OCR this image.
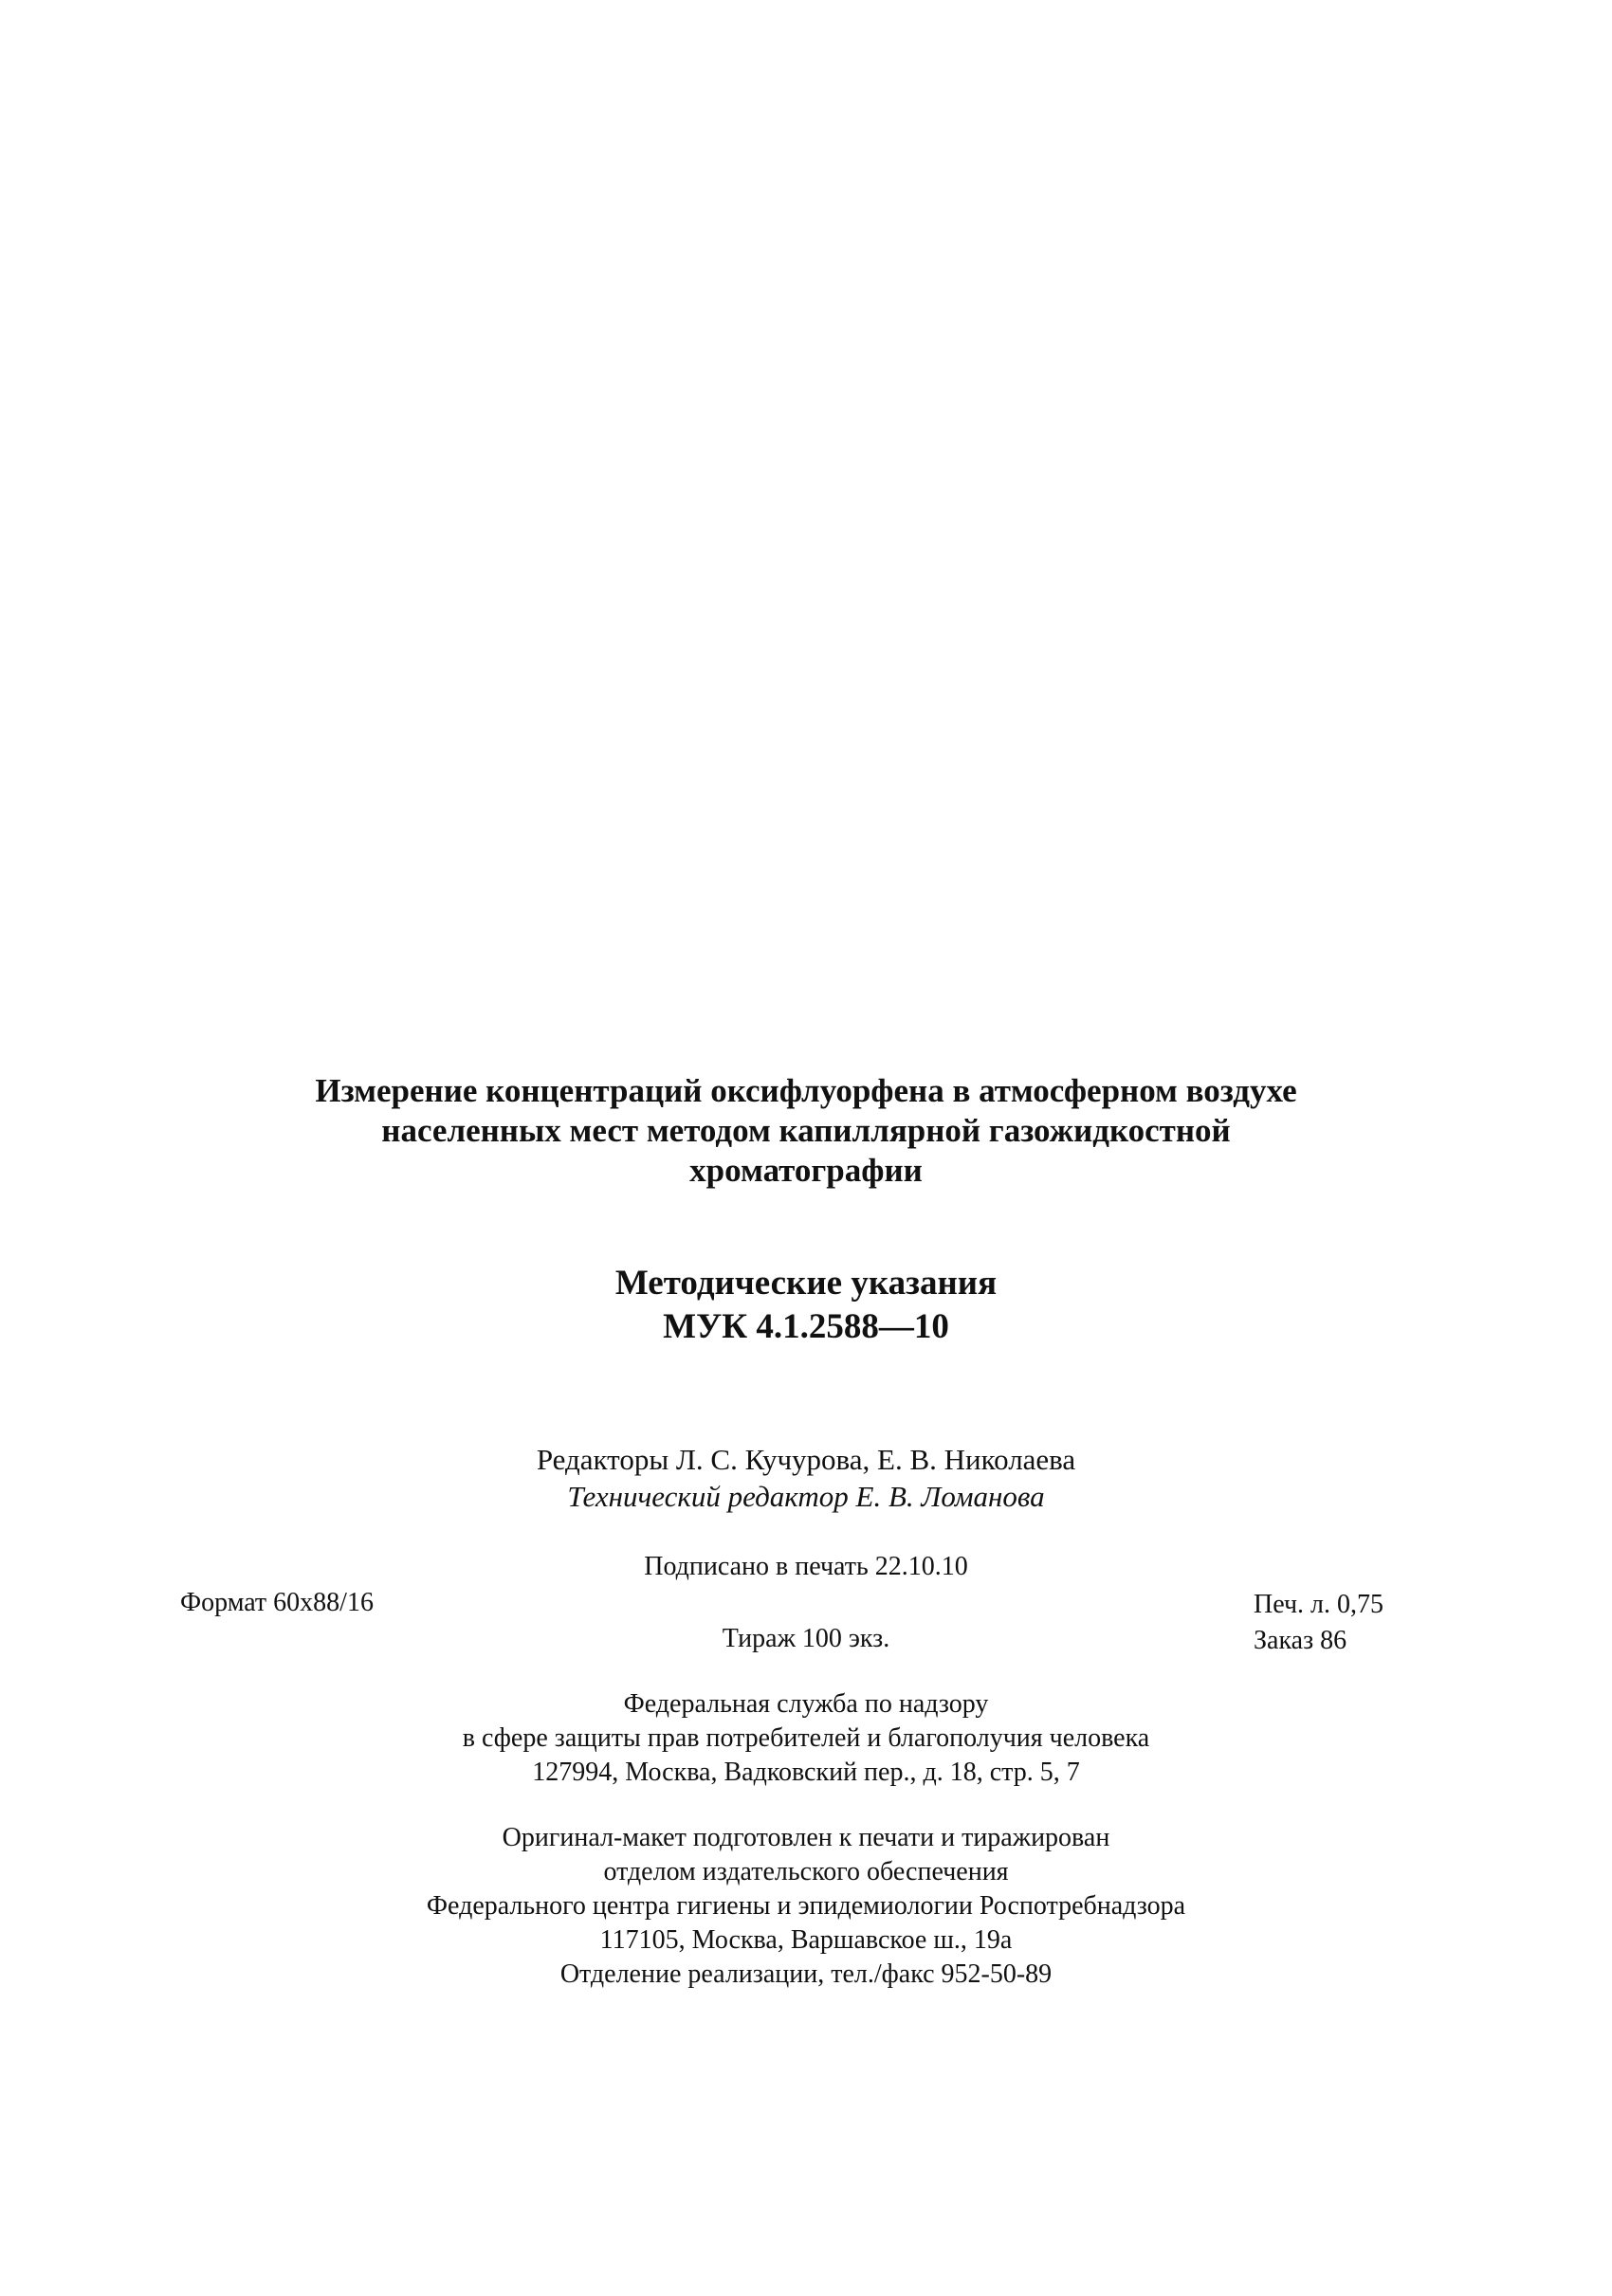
Измерение концентраций оксифлуорфена в атмосферном воздухе
населенных мест методом капиллярной газожидкостной
хроматографии
Методические указания
МУК 4.1.2588—10
Редакторы Л. С. Кучурова, Е. В. Николаева
Технический редактор Е. В. Ломанова
Подписано в печать 22.10.10
Формат 60x88/16
Тираж 100 экз.
Печ. л. 0,75
Заказ 86
Федеральная служба по надзору
в сфере защиты прав потребителей и благополучия человека
127994, Москва, Вадковский пер., д. 18, стр. 5, 7
Оригинал-макет подготовлен к печати и тиражирован
отделом издательского обеспечения
Федерального центра гигиены и эпидемиологии Роспотребнадзора
117105, Москва, Варшавское ш., 19а
Отделение реализации, тел./факс 952-50-89
